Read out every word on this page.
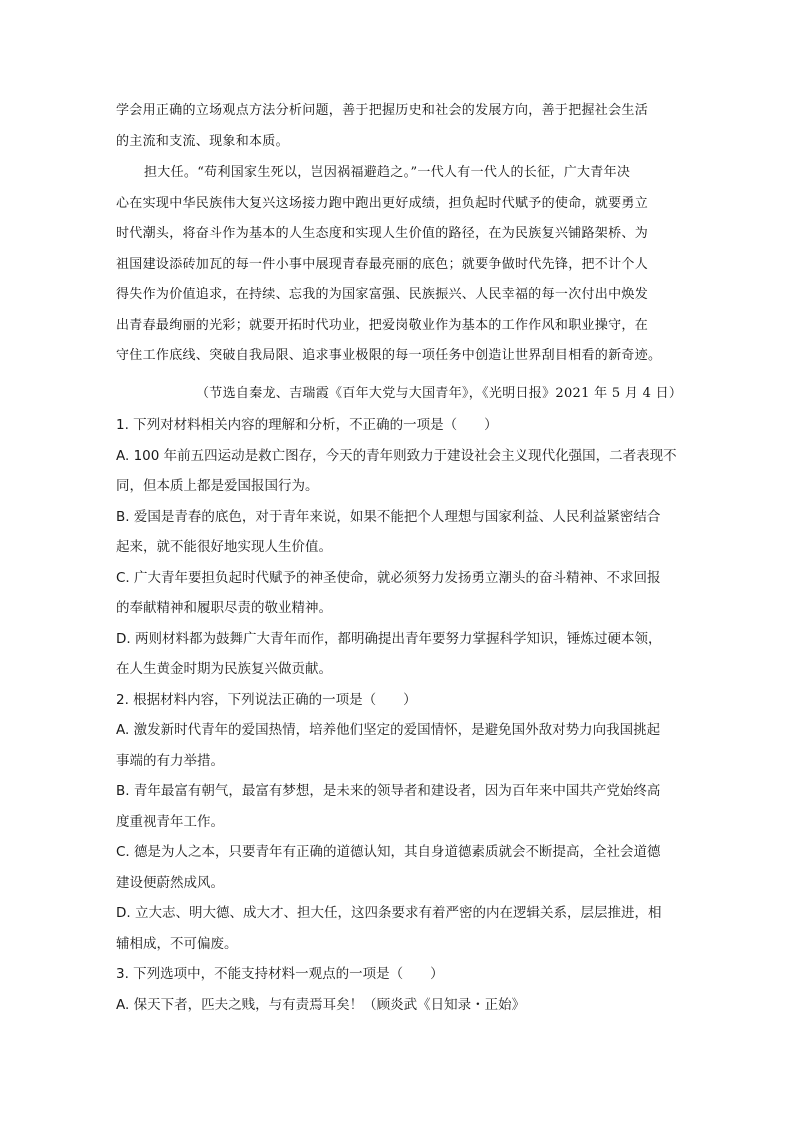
学会用正确的立场观点方法分析问题，善于把握历史和社会的发展方向，善于把握社会生活
的主流和支流、现象和本质。
担大任。“苟利国家生死以，岂因祸福避趋之。”一代人有一代人的长征，广大青年决
心在实现中华民族伟大复兴这场接力跑中跑出更好成绩，担负起时代赋予的使命，就要勇立
时代潮头，将奋斗作为基本的人生态度和实现人生价值的路径，在为民族复兴铺路架桥、为
祖国建设添砖加瓦的每一件小事中展现青春最亮丽的底色；就要争做时代先锋，把不计个人
得失作为价值追求，在持续、忘我的为国家富强、民族振兴、人民幸福的每一次付出中焕发
出青春最绚丽的光彩；就要开拓时代功业，把爱岗敬业作为基本的工作作风和职业操守，在
守住工作底线、突破自我局限、追求事业极限的每一项任务中创造让世界刮目相看的新奇迹。
（节选自秦龙、吉瑞霞《百年大党与大国青年》，《光明日报》2021 年 5 月 4 日）
1. 下列对材料相关内容的理解和分析，不正确的一项是（　　）
A. 100 年前五四运动是救亡图存，今天的青年则致力于建设社会主义现代化强国，二者表现不
同，但本质上都是爱国报国行为。
B. 爱国是青春的底色，对于青年来说，如果不能把个人理想与国家利益、人民利益紧密结合
起来，就不能很好地实现人生价值。
C. 广大青年要担负起时代赋予的神圣使命，就必须努力发扬勇立潮头的奋斗精神、不求回报
的奉献精神和履职尽责的敬业精神。
D. 两则材料都为鼓舞广大青年而作，都明确提出青年要努力掌握科学知识，锤炼过硬本领，
在人生黄金时期为民族复兴做贡献。
2. 根据材料内容，下列说法正确的一项是（　　）
A. 激发新时代青年的爱国热情，培养他们坚定的爱国情怀，是避免国外敌对势力向我国挑起
事端的有力举措。
B. 青年最富有朝气，最富有梦想，是未来的领导者和建设者，因为百年来中国共产党始终高
度重视青年工作。
C. 德是为人之本，只要青年有正确的道德认知，其自身道德素质就会不断提高，全社会道德
建设便蔚然成风。
D. 立大志、明大德、成大才、担大任，这四条要求有着严密的内在逻辑关系，层层推进，相
辅相成，不可偏废。
3. 下列选项中，不能支持材料一观点的一项是（　　）
A. 保天下者，匹夫之贱，与有责焉耳矣！（顾炎武《日知录・正始》
